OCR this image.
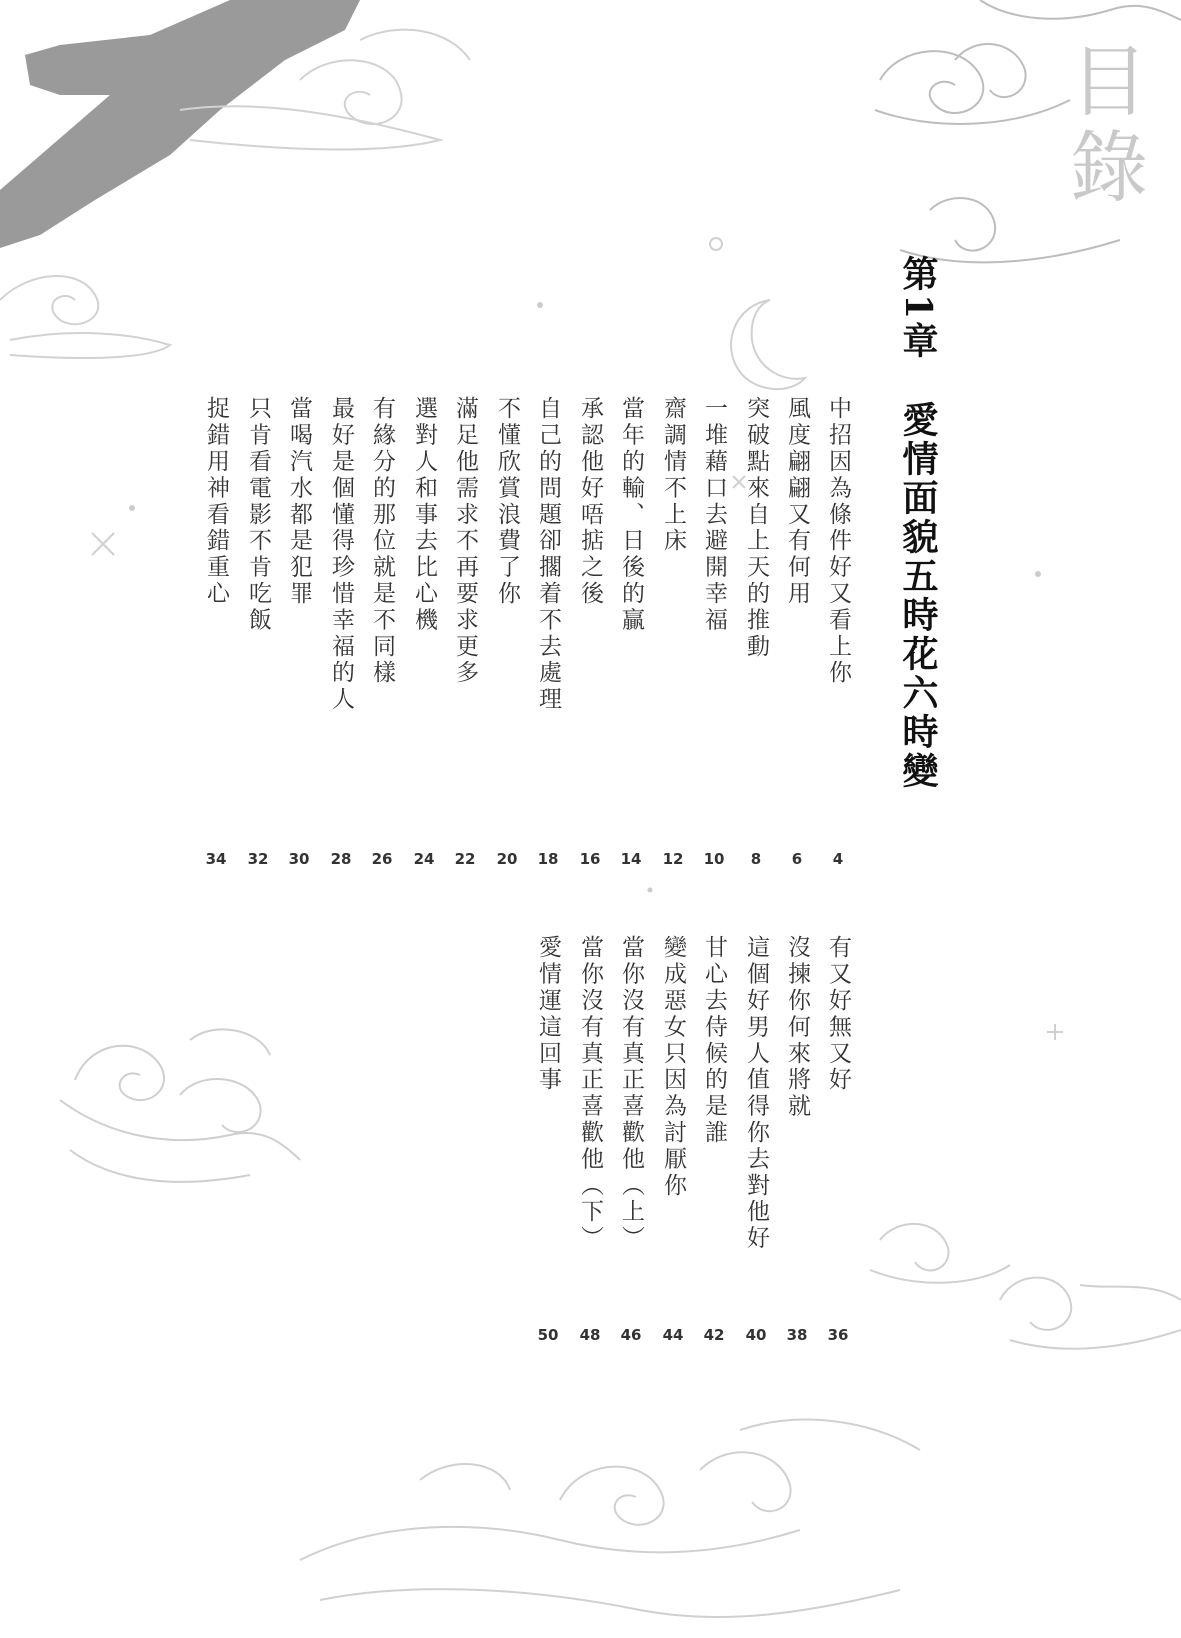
目錄
第1章愛情面貌五時花六時變
中招因為條件好又看上你
風度翩翩又有何用
突破點來自上天的推動
一堆藉口去避開幸福
齋調情不上床
當年的輸、日後的贏
承認他好唔掂之後
自己的問題卻擱着不去處理
不懂欣賞浪費了你
滿足他需求不再要求更多
選對人和事去比心機
有緣分的那位就是不同樣
最好是個懂得珍惜幸福的人
當喝汽水都是犯罪
只肯看電影不肯吃飯
捉錯用神看錯重心
4
6
8
10
12
14
16
18
20
22
24
26
28
30
32
34
有又好無又好
沒揀你何來將就
這個好男人值得你去對他好
甘心去侍候的是誰
變成惡女只因為討厭你
當你沒有真正喜歡他（上）
當你沒有真正喜歡他（下）
愛情運這回事
36
38
40
42
44
46
48
50
